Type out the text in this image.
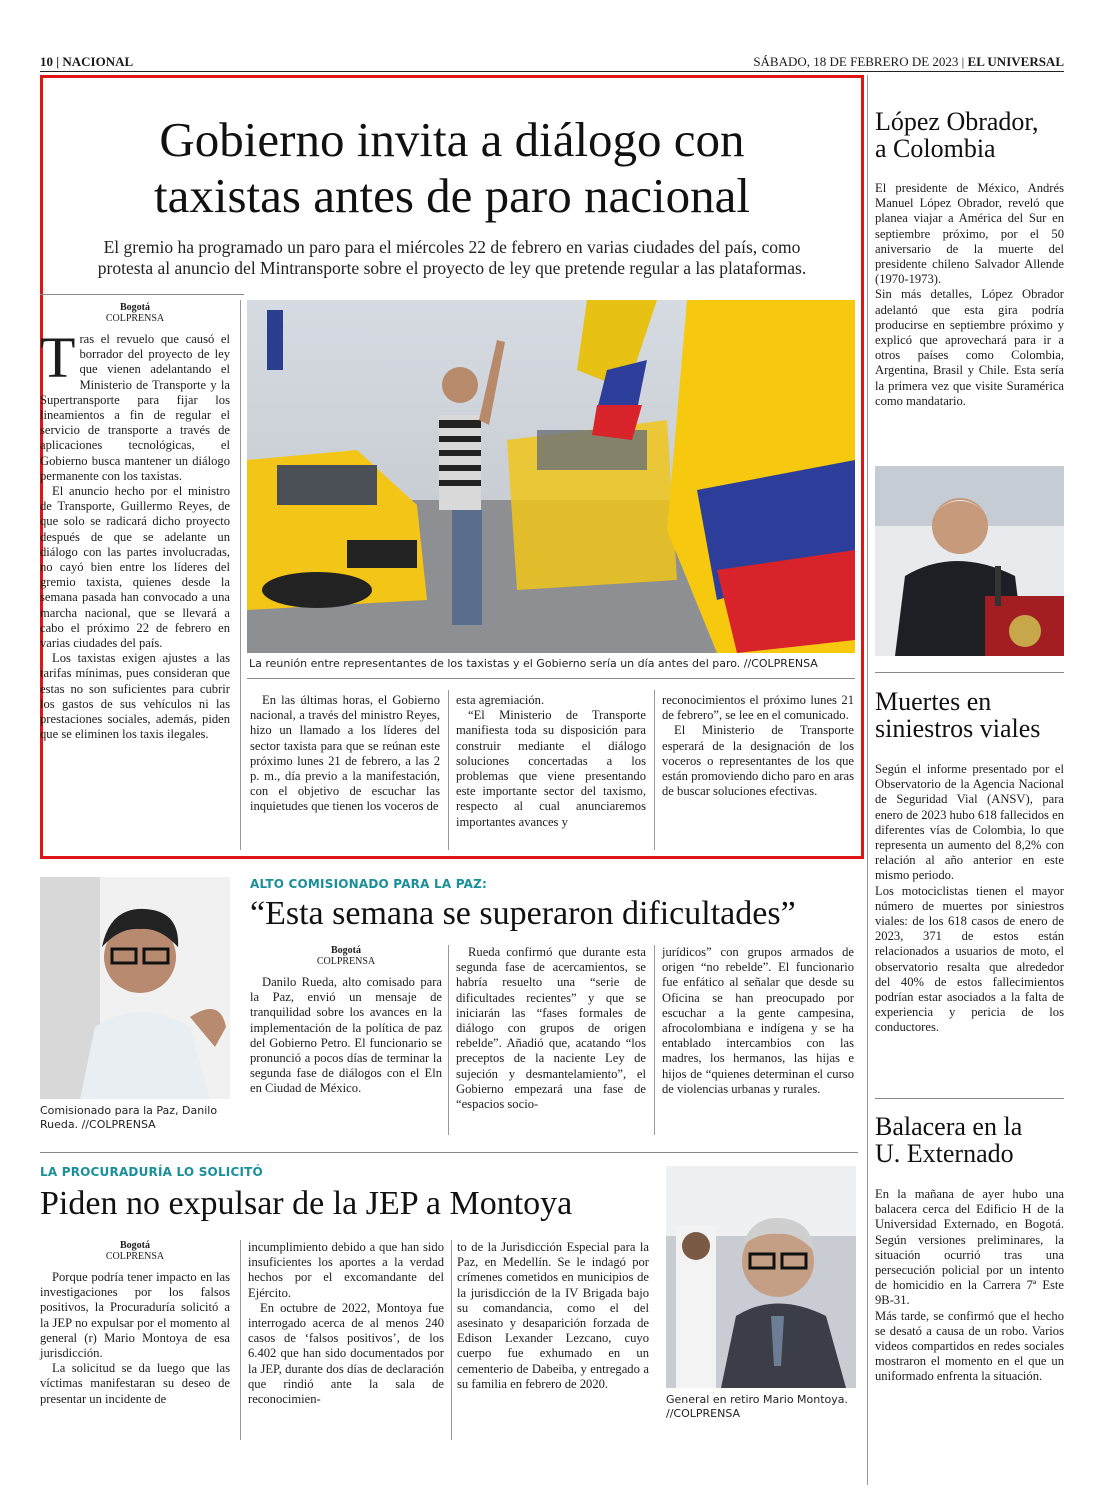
10 | NACIONAL	SÁBADO, 18 DE FEBRERO DE 2023 | EL UNIVERSAL
Gobierno invita a diálogo con
taxistas antes de paro nacional
El gremio ha programado un paro para el miércoles 22 de febrero en varias ciudades del país, como
protesta al anuncio del Mintransporte sobre el proyecto de ley que pretende regular a las plataformas.
Bogotá
COLPRENSA

Tras el revuelo que causó el borrador del proyecto de ley que vienen adelantando el Ministerio de Transporte y la Supertransporte para fijar los lineamientos a fin de regular el servicio de transporte a través de aplicaciones tecnológicas, el Gobierno busca mantener un diálogo permanente con los taxistas.

El anuncio hecho por el ministro de Transporte, Guillermo Reyes, de que solo se radicará dicho proyecto después de que se adelante un diálogo con las partes involucradas, no cayó bien entre los líderes del gremio taxista, quienes desde la semana pasada han convocado a una marcha nacional, que se llevará a cabo el próximo 22 de febrero en varias ciudades del país.

Los taxistas exigen ajustes a las tarifas mínimas, pues consideran que estas no son suficientes para cubrir los gastos de sus vehículos ni las prestaciones sociales, además, piden que se eliminen los taxis ilegales.

La reunión entre representantes de los taxistas y el Gobierno sería un día antes del paro. //COLPRENSA

En las últimas horas, el Gobierno nacional, a través del ministro Reyes, hizo un llamado a los líderes del sector taxista para que se reúnan este próximo lunes 21 de febrero, a las 2 p. m., día previo a la manifestación, con el objetivo de escuchar las inquietudes que tienen los voceros de

esta agremiación.

“El Ministerio de Transporte manifiesta toda su disposición para construir mediante el diálogo soluciones concertadas a los problemas que viene presentando este importante sector del taxismo, respecto al cual anunciaremos importantes avances y

reconocimientos el próximo lunes 21 de febrero”, se lee en el comunicado.

El Ministerio de Transporte esperará de la designación de los voceros o representantes de los que están promoviendo dicho paro en aras de buscar soluciones efectivas.

López Obrador,
a Colombia

El presidente de México, Andrés Manuel López Obrador, reveló que planea viajar a América del Sur en septiembre próximo, por el 50 aniversario de la muerte del presidente chileno Salvador Allende (1970-1973).

Sin más detalles, López Obrador adelantó que esta gira podría producirse en septiembre próximo y explicó que aprovechará para ir a otros países como Colombia, Argentina, Brasil y Chile. Esta sería la primera vez que visite Suramérica como mandatario.

Muertes en
siniestros viales

Según el informe presentado por el Observatorio de la Agencia Nacional de Seguridad Vial (ANSV), para enero de 2023 hubo 618 fallecidos en diferentes vías de Colombia, lo que representa un aumento del 8,2% con relación al año anterior en este mismo periodo.

Los motociclistas tienen el mayor número de muertes por siniestros viales: de los 618 casos de enero de 2023, 371 de estos están relacionados a usuarios de moto, el observatorio resalta que alrededor del 40% de estos fallecimientos podrían estar asociados a la falta de experiencia y pericia de los conductores.

Balacera en la
U. Externado

En la mañana de ayer hubo una balacera cerca del Edificio H de la Universidad Externado, en Bogotá. Según versiones preliminares, la situación ocurrió tras una persecución policial por un intento de homicidio en la Carrera 7ª Este 9B-31.

Más tarde, se confirmó que el hecho se desató a causa de un robo. Varios videos compartidos en redes sociales mostraron el momento en el que un uniformado enfrenta la situación.

Comisionado para la Paz, Danilo Rueda. //COLPRENSA
ALTO COMISIONADO PARA LA PAZ:
“Esta semana se superaron dificultades”
Bogotá
COLPRENSA

Danilo Rueda, alto comisado para la Paz, envió un mensaje de tranquilidad sobre los avances en la implementación de la política de paz del Gobierno Petro. El funcionario se pronunció a pocos días de terminar la segunda fase de diálogos con el Eln en Ciudad de México.

Rueda confirmó que durante esta segunda fase de acercamientos, se habría resuelto una “serie de dificultades recientes” y que se iniciarán las “fases formales de diálogo con grupos de origen rebelde”. Añadió que, acatando “los preceptos de la naciente Ley de sujeción y desmantelamiento”, el Gobierno empezará una fase de “espacios socio-

jurídicos” con grupos armados de origen “no rebelde”. El funcionario fue enfático al señalar que desde su Oficina se han preocupado por escuchar a la gente campesina, afrocolombiana e indígena y se ha entablado intercambios con las madres, los hermanos, las hijas e hijos de “quienes determinan el curso de violencias urbanas y rurales.

LA PROCURADURÍA LO SOLICITÓ
Piden no expulsar de la JEP a Montoya
Bogotá
COLPRENSA

Porque podría tener impacto en las investigaciones por los falsos positivos, la Procuraduría solicitó a la JEP no expulsar por el momento al general (r) Mario Montoya de esa jurisdicción.

La solicitud se da luego que las víctimas manifestaran su deseo de presentar un incidente de

incumplimiento debido a que han sido insuficientes los aportes a la verdad hechos por el excomandante del Ejército.

En octubre de 2022, Montoya fue interrogado acerca de al menos 240 casos de ‘falsos positivos’, de los 6.402 que han sido documentados por la JEP, durante dos días de declaración que rindió ante la sala de reconocimien-

to de la Jurisdicción Especial para la Paz, en Medellín. Se le indagó por crímenes cometidos en municipios de la jurisdicción de la IV Brigada bajo su comandancia, como el del asesinato y desaparición forzada de Edison Lexander Lezcano, cuyo cuerpo fue exhumado en un cementerio de Dabeiba, y entregado a su familia en febrero de 2020.

General en retiro Mario Montoya. //COLPRENSA
